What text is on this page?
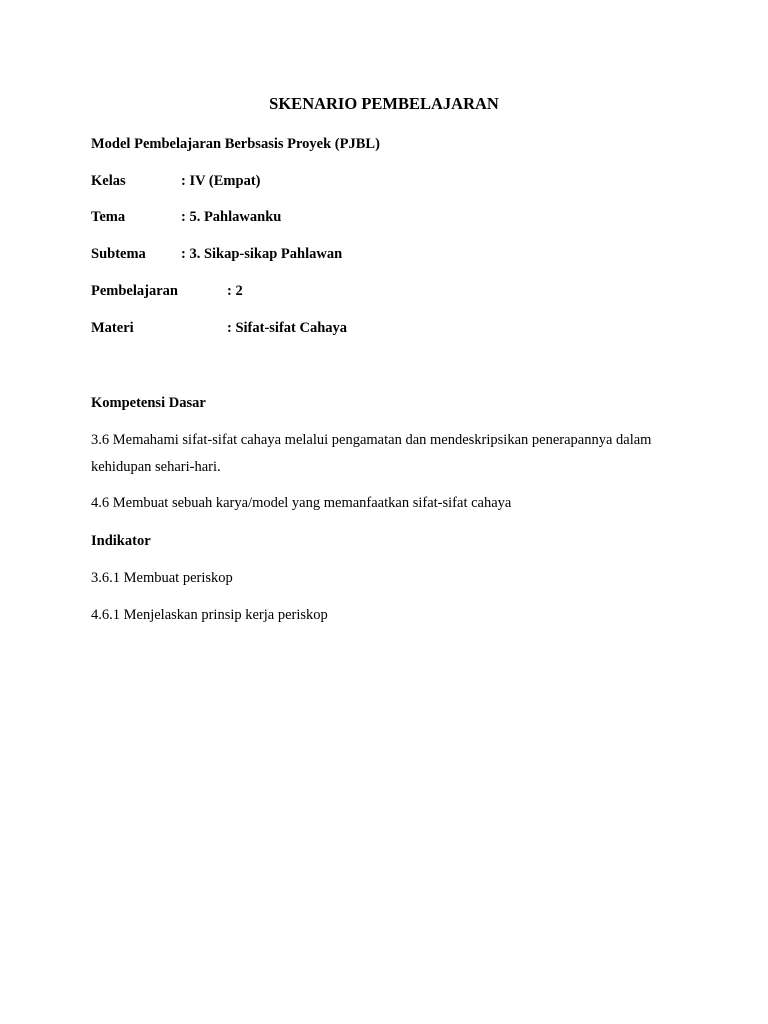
SKENARIO PEMBELAJARAN
Model Pembelajaran Berbsasis Proyek (PJBL)
Kelas	: IV (Empat)
Tema	: 5. Pahlawanku
Subtema : 3. Sikap-sikap Pahlawan
Pembelajaran	: 2
Materi	: Sifat-sifat Cahaya
Kompetensi Dasar
3.6 Memahami sifat-sifat cahaya melalui pengamatan dan mendeskripsikan penerapannya dalam
kehidupan sehari-hari.
4.6 Membuat sebuah karya/model yang memanfaatkan sifat-sifat cahaya
Indikator
3.6.1 Membuat periskop
4.6.1 Menjelaskan prinsip kerja periskop
